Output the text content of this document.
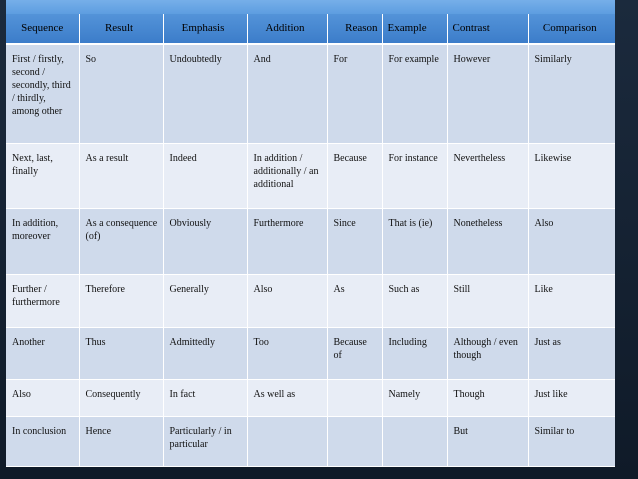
Sequence	Result	Emphasis	Addition	Reason	Example	Contrast	Comparison
First / firstly, second / secondly, third / thirdly, among other	So	Undoubtedly	And	For	For example	However	Similarly
Next, last, finally	As a result	Indeed	In addition / additionally / an additional	Because	For instance	Nevertheless	Likewise
In addition, moreover	As a consequence (of)	Obviously	Furthermore	Since	That is (ie)	Nonetheless	Also
Further / furthermore	Therefore	Generally	Also	As	Such as	Still	Like
Another	Thus	Admittedly	Too	Because of	Including	Although / even though	Just as
Also	Consequently	In fact	As well as		Namely	Though	Just like
In conclusion	Hence	Particularly / in particular				But	Similar to
